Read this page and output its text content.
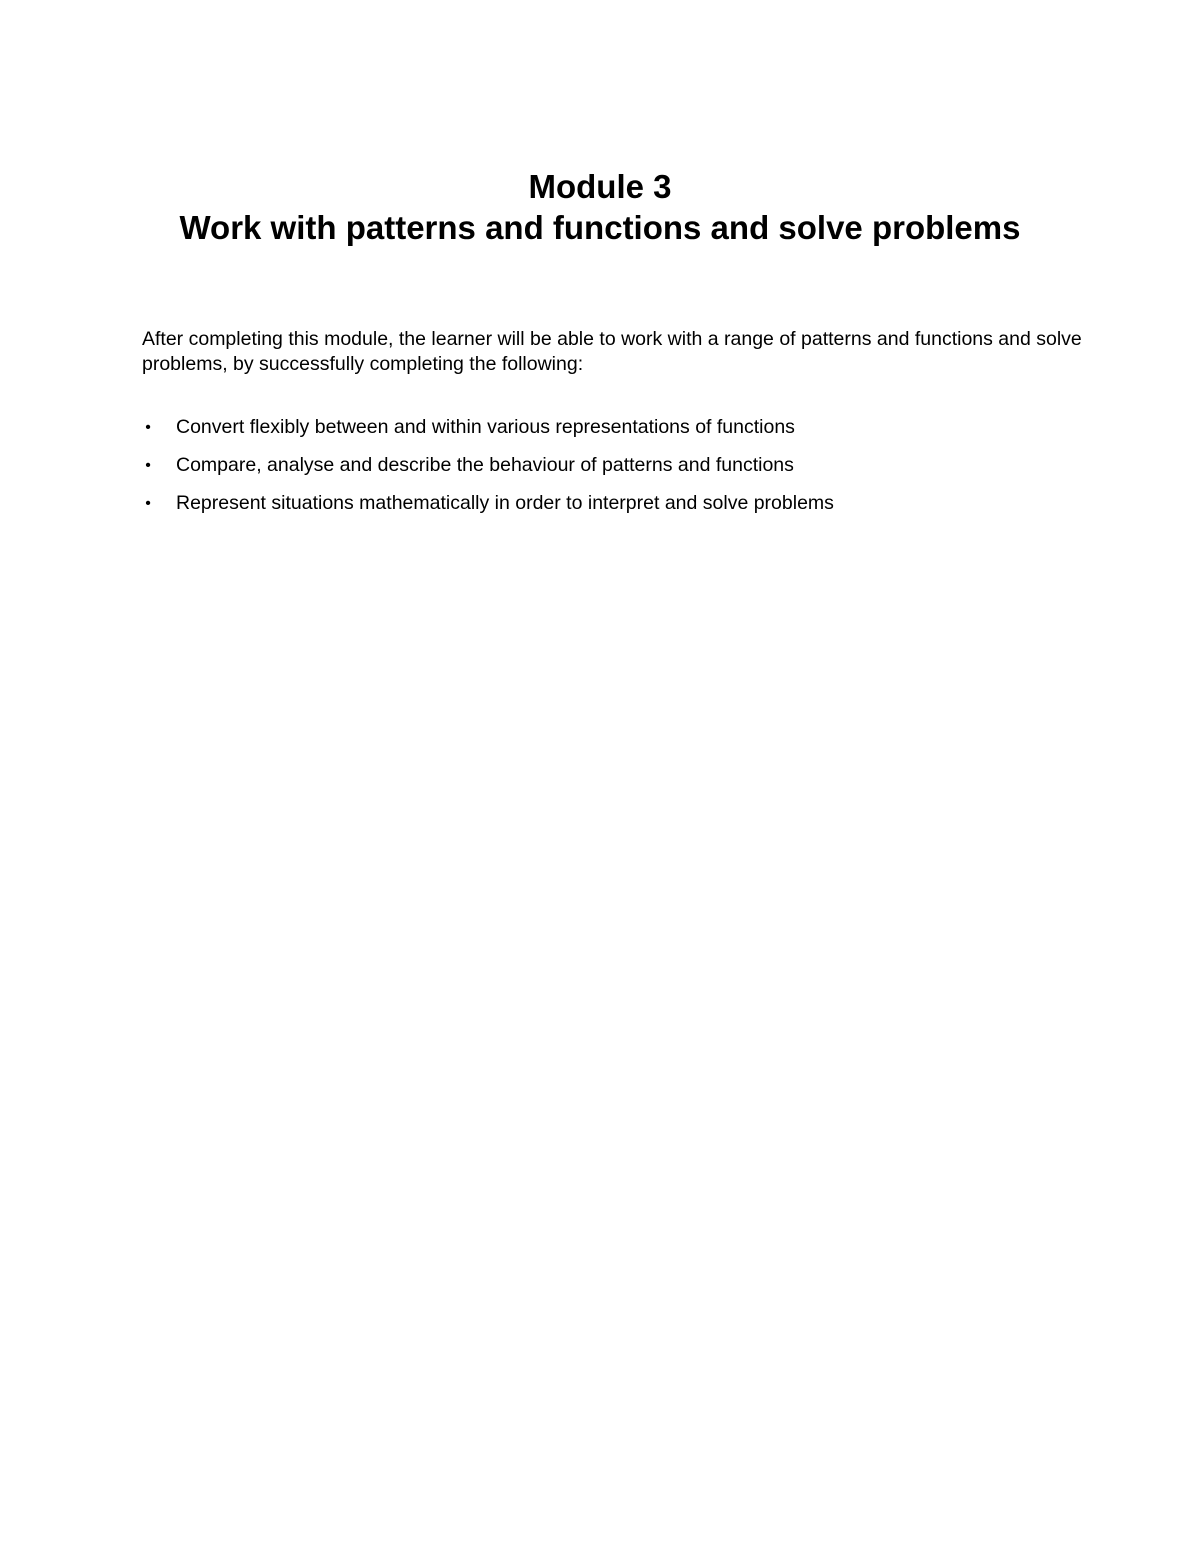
Module 3

Work with patterns and functions and solve problems

After completing this module, the learner will be able to work with a range of patterns and functions and solve problems, by successfully completing the following:

• Convert flexibly between and within various representations of functions
• Compare, analyse and describe the behaviour of patterns and functions
• Represent situations mathematically in order to interpret and solve problems
